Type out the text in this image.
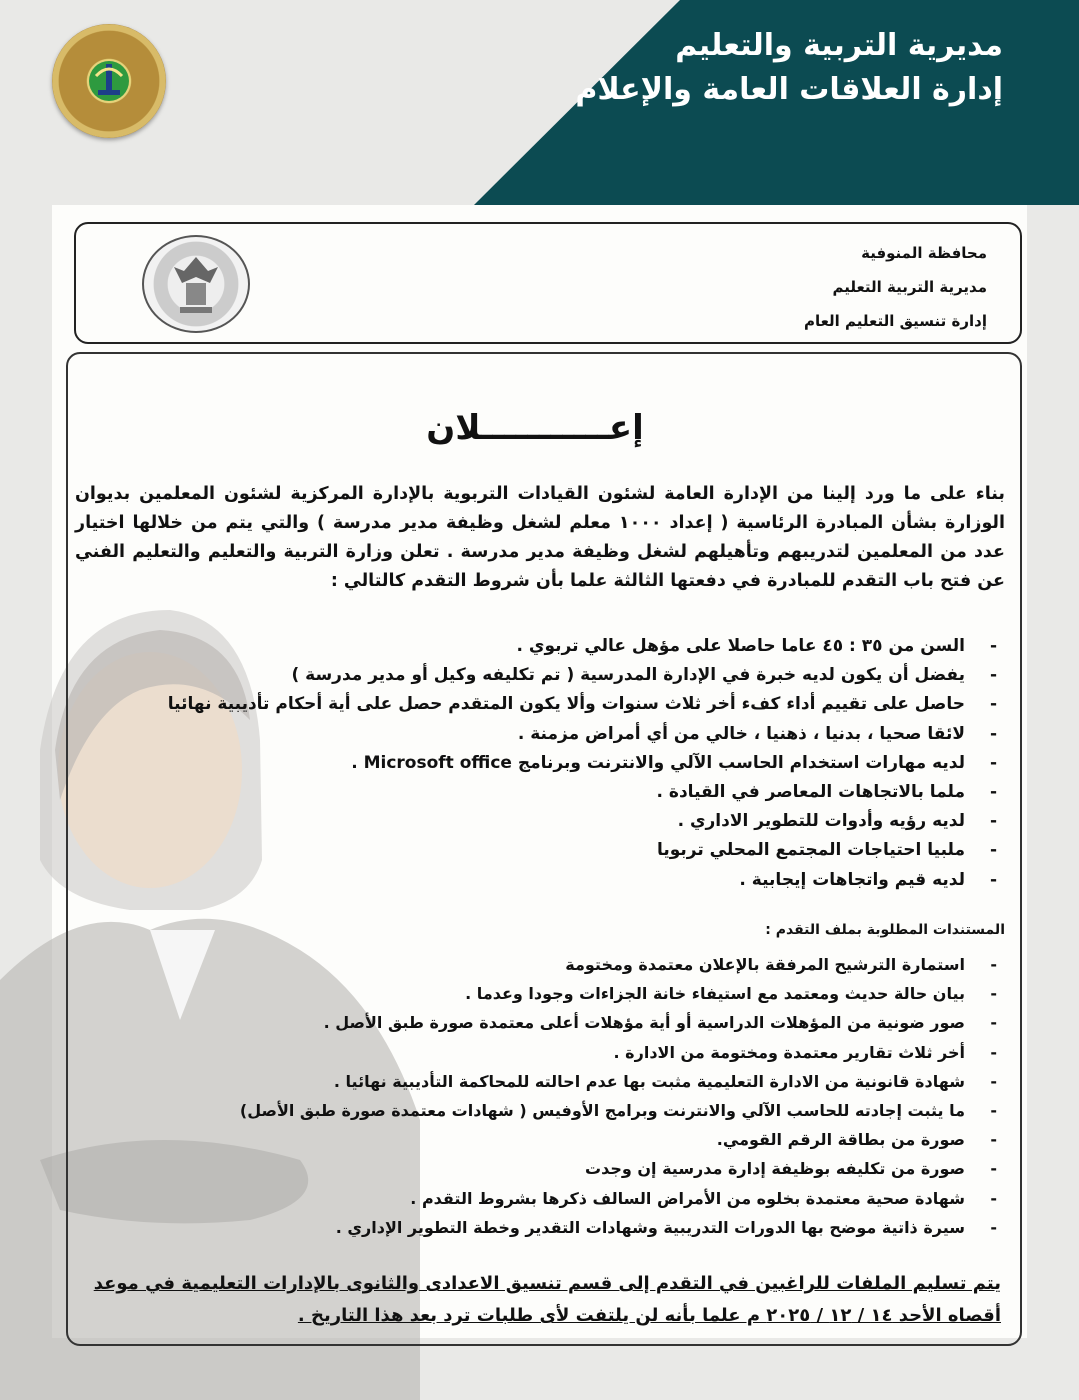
مديرية التربية والتعليم
إدارة العلاقات العامة والإعلام
محافظة المنوفية
مديرية التربية التعليم
إدارة تنسيق التعليم العام
إعـــــــــــلان
بناء على ما ورد إلينا من الإدارة العامة لشئون القيادات التربوية بالإدارة المركزية لشئون المعلمين بديوان الوزارة بشأن المبادرة الرئاسية ( إعداد ١٠٠٠ معلم لشغل وظيفة مدير مدرسة ) والتي يتم من خلالها اختيار عدد من المعلمين لتدريبهم وتأهيلهم لشغل وظيفة مدير مدرسة . تعلن وزارة التربية والتعليم والتعليم الفني عن فتح باب التقدم للمبادرة في دفعتها الثالثة علما بأن شروط التقدم كالتالي :
- السن من ٣٥ : ٤٥ عاما حاصلا على مؤهل عالي تربوي .
- يفضل أن يكون لديه خبرة في الإدارة المدرسية ( تم تكليفه وكيل أو مدير مدرسة )
- حاصل على تقييم أداء كفء أخر ثلاث سنوات وألا يكون المتقدم حصل على أية أحكام تأديبية نهائيا
- لائقا صحيا ، بدنيا ، ذهنيا ، خالي من أي أمراض مزمنة .
- لديه مهارات استخدام الحاسب الآلي والانترنت وبرنامج Microsoft office .
- ملما بالاتجاهات المعاصر في القيادة .
- لديه رؤيه وأدوات للتطوير الاداري .
- ملبيا احتياجات المجتمع المحلي تربويا
- لديه قيم واتجاهات إيجابية .
المستندات المطلوبة بملف التقدم :
- استمارة الترشيح المرفقة بالإعلان معتمدة ومختومة
- بيان حالة حديث ومعتمد مع استيفاء خانة الجزاءات وجودا وعدما .
- صور ضونية من المؤهلات الدراسية أو أية مؤهلات أعلى معتمدة صورة طبق الأصل .
- أخر ثلاث تقارير معتمدة ومختومة من الادارة .
- شهادة قانونية من الادارة التعليمية مثبت بها عدم احالته للمحاكمة التأديبية نهائيا .
- ما يثبت إجادته للحاسب الآلي والانترنت وبرامج الأوفيس ( شهادات معتمدة صورة طبق الأصل)
- صورة من بطاقة الرقم القومي.
- صورة من تكليفه بوظيفة إدارة مدرسية إن وجدت
- شهادة صحية معتمدة بخلوه من الأمراض السالف ذكرها بشروط التقدم .
- سيرة ذاتية موضح بها الدورات التدريبية وشهادات التقدير وخطة التطوير الإداري .
يتم تسليم الملفات للراغبين في التقدم إلى قسم تنسيق الاعدادى والثانوى بالإدارات التعليمية في موعد
أقصاه الأحد ١٤ / ١٢ / ٢٠٢٥ م علما بأنه لن يلتفت لأى طلبات ترد بعد هذا التاريخ .
